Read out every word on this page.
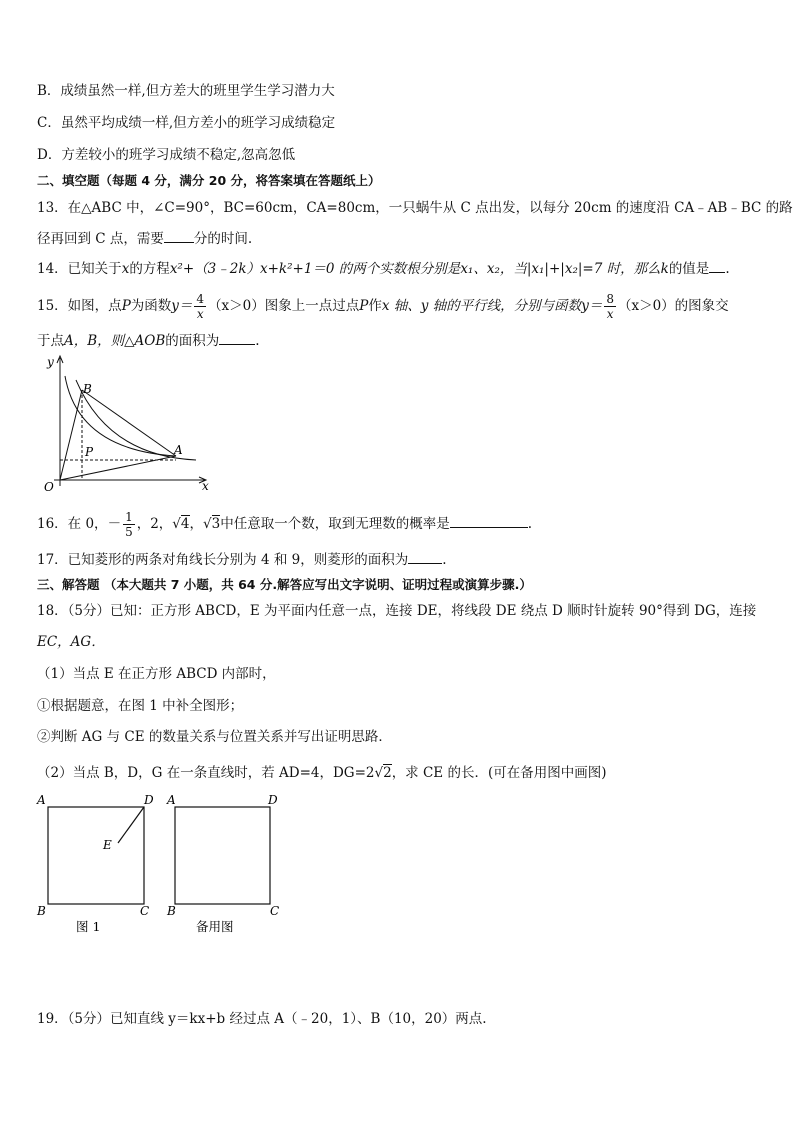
B．成绩虽然一样,但方差大的班里学生学习潜力大
C．虽然平均成绩一样,但方差小的班学习成绩稳定
D．方差较小的班学习成绩不稳定,忽高忽低
二、填空题（每题 4 分，满分 20 分，将答案填在答题纸上）
13．在△ABC 中，∠C=90°，BC=60cm，CA=80cm，一只蜗牛从 C 点出发，以每分 20cm 的速度沿 CA﹣AB﹣BC 的路
径再回到 C 点，需要 分的时间.
14．已知关于x的方程x²+（3﹣2k）x+k²+1＝0 的两个实数根分别是x₁、x₂，当|x₁|+|x₂|=7 时，那么k的值是 .
15．如图，点P为函数$y= \frac{4}{x} (x>0)$图象上一点过点P作x 轴、y 轴的平行线，分别与函数$y= \frac{8}{x} (x>0)$的图象交
于点A，B，则△AOB的面积为	.
y
x
O
B
P	A
16．在 0，－ $\frac{1}{5}$ ，2，√4，√3中任意取一个数，取到无理数的概率是	.
17．已知菱形的两条对角线长分别为 4 和 9，则菱形的面积为	.
三、解答题 （本大题共 7 小题，共 64 分.解答应写出文字说明、证明过程或演算步骤.）
18．（5分）已知：正方形 ABCD，E 为平面内任意一点，连接 DE，将线段 DE 绕点 D 顺时针旋转 90°得到 DG，连接
EC，AG．
（1）当点 E 在正方形 ABCD 内部时，
①根据题意，在图 1 中补全图形；
②判断 AG 与 CE 的数量关系与位置关系并写出证明思路．
（2）当点 B，D，G 在一条直线时，若 AD=4，DG=2√2，求 CE 的长．(可在备用图中画图)
A	D
E
B	C
A	D
B	C
图 1	备用图
19．（5分）已知直线 y＝kx+b 经过点 A（﹣20，1）、B（10，20）两点.
